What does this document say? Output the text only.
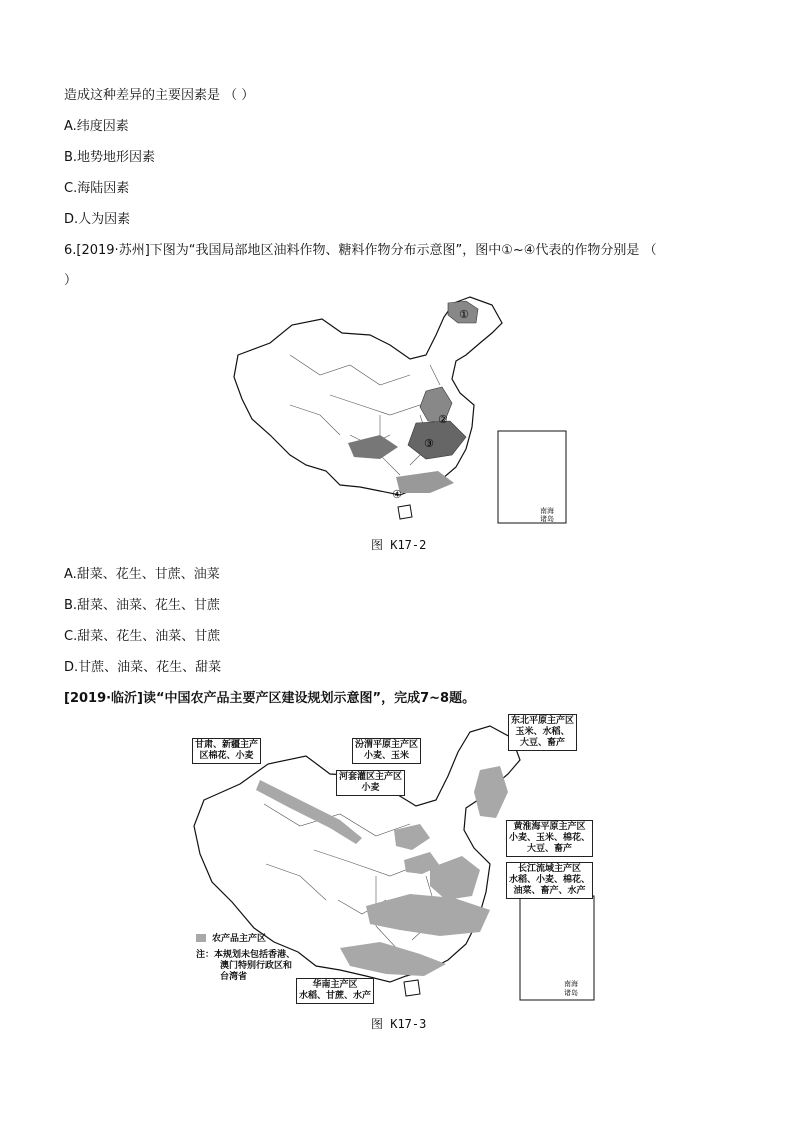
造成这种差异的主要因素是 （ ）
A.纬度因素
B.地势地形因素
C.海陆因素
D.人为因素
6.[2019·苏州]下图为“我国局部地区油料作物、糖料作物分布示意图”，图中①~④代表的作物分别是 （
）
①
②
③
④
南海
诸岛
图 K17-2
A.甜菜、花生、甘蔗、油菜
B.甜菜、油菜、花生、甘蔗
C.甜菜、花生、油菜、甘蔗
D.甘蔗、油菜、花生、甜菜
[2019·临沂]读“中国农产品主要产区建设规划示意图”，完成7~8题。
南海
诸岛
甘肃、新疆主产
区棉花、小麦
汾渭平原主产区
小麦、玉米
河套灌区主产区
小麦
东北平原主产区
玉米、水稻、
大豆、畜产
黄淮海平原主产区
小麦、玉米、棉花、
大豆、畜产
长江流域主产区
水稻、小麦、棉花、
油菜、畜产、水产
华南主产区
水稻、甘蔗、水产
农产品主产区
注：本规划未包括香港、
澳门特别行政区和
台湾省
图 K17-3
